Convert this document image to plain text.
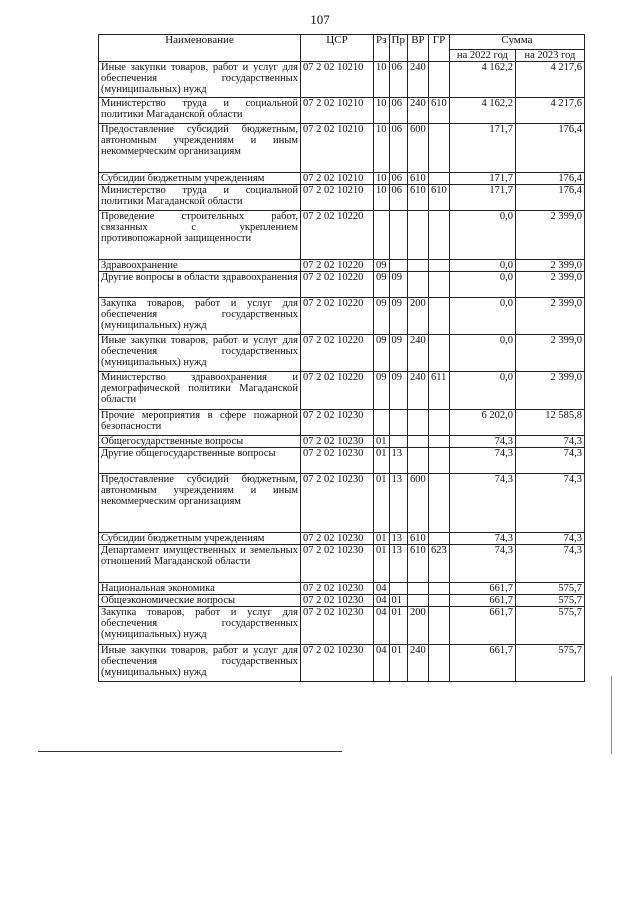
107
Наименование	ЦСР	Рз	Пр	ВР	ГР	Сумма	
						на 2022 год	на 2023 год
Иные закупки товаров, работ и услуг для обеспечения государственных (муниципальных) нужд	07 2 02 10210	10	06	240		4 162,2	4 217,6
Министерство труда и социальной политики Магаданской области	07 2 02 10210	10	06	240	610	4 162,2	4 217,6
Предоставление субсидий бюджетным, автономным учреждениям и иным некоммерческим организациям	07 2 02 10210	10	06	600		171,7	176,4
Субсидии бюджетным учреждениям	07 2 02 10210	10	06	610		171,7	176,4
Министерство труда и социальной политики Магаданской области	07 2 02 10210	10	06	610	610	171,7	176,4
Проведение строительных работ, связанных с укреплением противопожарной защищенности	07 2 02 10220					0,0	2 399,0
Здравоохранение	07 2 02 10220	09				0,0	2 399,0
Другие вопросы в области здравоохранения	07 2 02 10220	09	09			0,0	2 399,0
Закупка товаров, работ и услуг для обеспечения государственных (муниципальных) нужд	07 2 02 10220	09	09	200		0,0	2 399,0
Иные закупки товаров, работ и услуг для обеспечения государственных (муниципальных) нужд	07 2 02 10220	09	09	240		0,0	2 399,0
Министерство здравоохранения и демографической политики Магаданской области	07 2 02 10220	09	09	240	611	0,0	2 399,0
Прочие мероприятия в сфере пожарной безопасности	07 2 02 10230					6 202,0	12 585,8
Общегосударственные вопросы	07 2 02 10230	01				74,3	74,3
Другие общегосударственные вопросы	07 2 02 10230	01	13			74,3	74,3
Предоставление субсидий бюджетным, автономным учреждениям и иным некоммерческим организациям	07 2 02 10230	01	13	600		74,3	74,3
Субсидии бюджетным учреждениям	07 2 02 10230	01	13	610		74,3	74,3
Департамент имущественных и земельных отношений Магаданской области	07 2 02 10230	01	13	610	623	74,3	74,3
Национальная экономика	07 2 02 10230	04				661,7	575,7
Общеэкономические вопросы	07 2 02 10230	04	01			661,7	575,7
Закупка товаров, работ и услуг для обеспечения государственных (муниципальных) нужд	07 2 02 10230	04	01	200		661,7	575,7
Иные закупки товаров, работ и услуг для обеспечения государственных (муниципальных) нужд	07 2 02 10230	04	01	240		661,7	575,7
